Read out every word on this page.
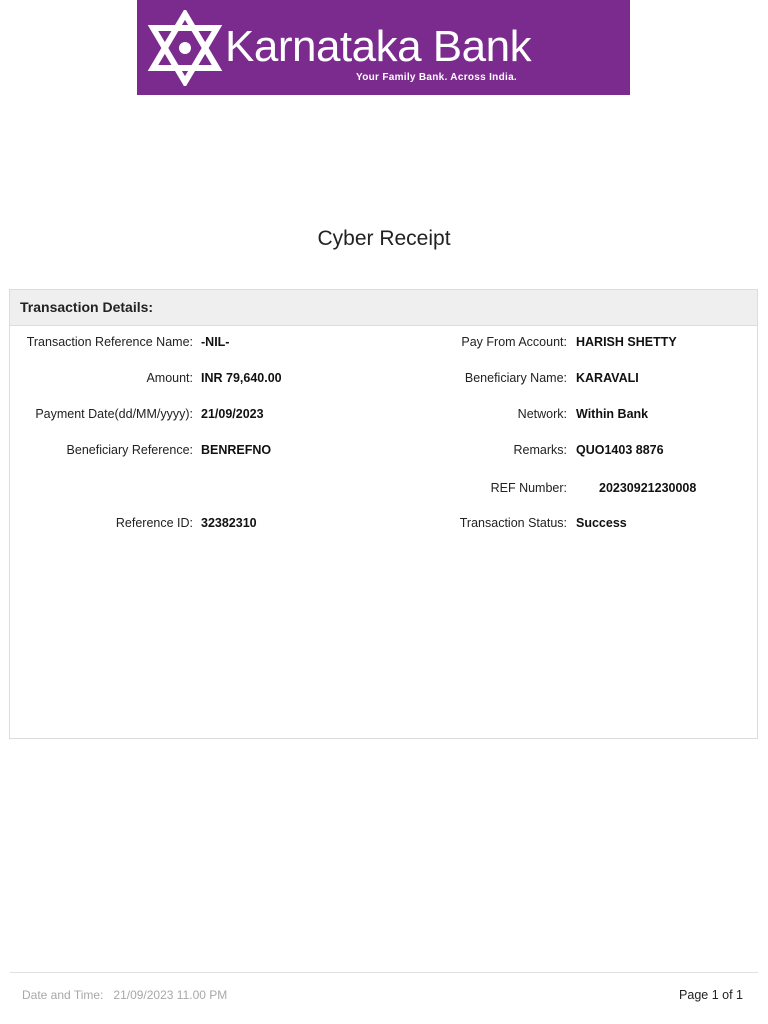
Karnataka Bank
Your Family Bank. Across India.
Cyber Receipt
Transaction Details:
Transaction Reference Name: -NIL-
Amount: INR 79,640.00
Payment Date(dd/MM/yyyy): 21/09/2023
Beneficiary Reference: BENREFNO
Reference ID: 32382310
Pay From Account: HARISH SHETTY
Beneficiary Name: KARAVALI
Network: Within Bank
Remarks: QUO1403 8876
REF Number:	20230921230008
Transaction Status: Success
Date and Time: 21/09/2023 11.00 PM	Page 1 of 1
